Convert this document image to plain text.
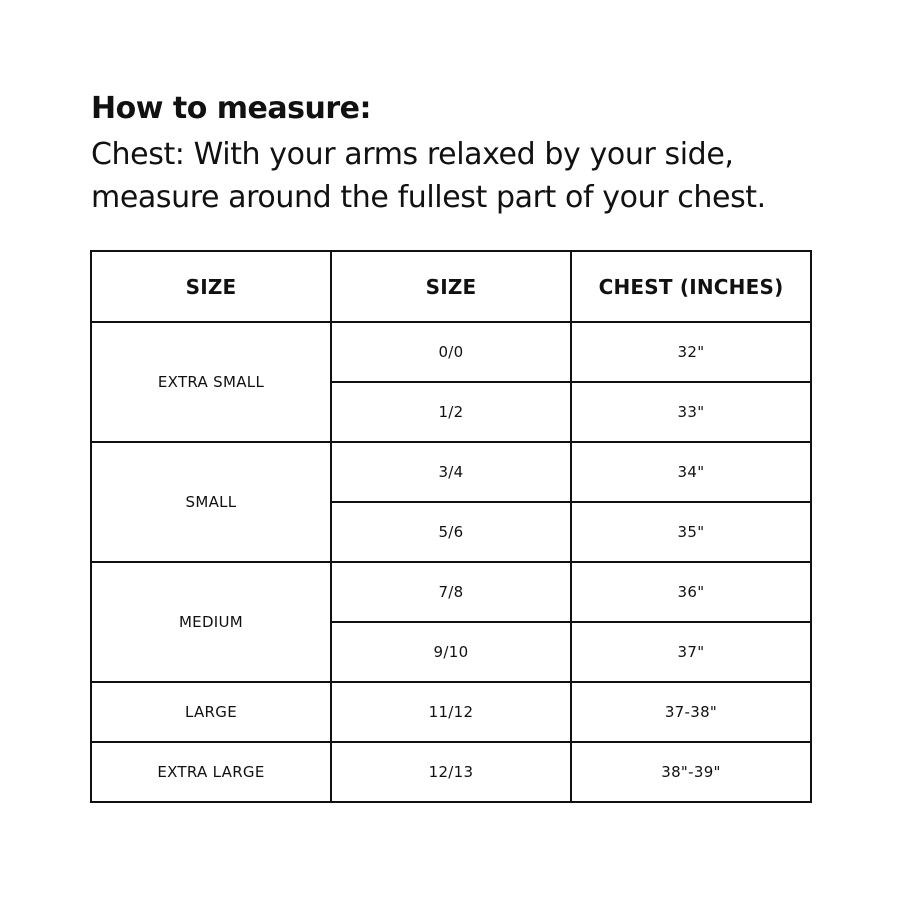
How to measure:

Chest: With your arms relaxed by your side, measure around the fullest part of your chest.

SIZE	SIZE	CHEST (INCHES)
EXTRA SMALL	0/0	32"
	1/2	33"
SMALL	3/4	34"
	5/6	35"
MEDIUM	7/8	36"
	9/10	37"
LARGE	11/12	37-38"
EXTRA LARGE	12/13	38"-39"
